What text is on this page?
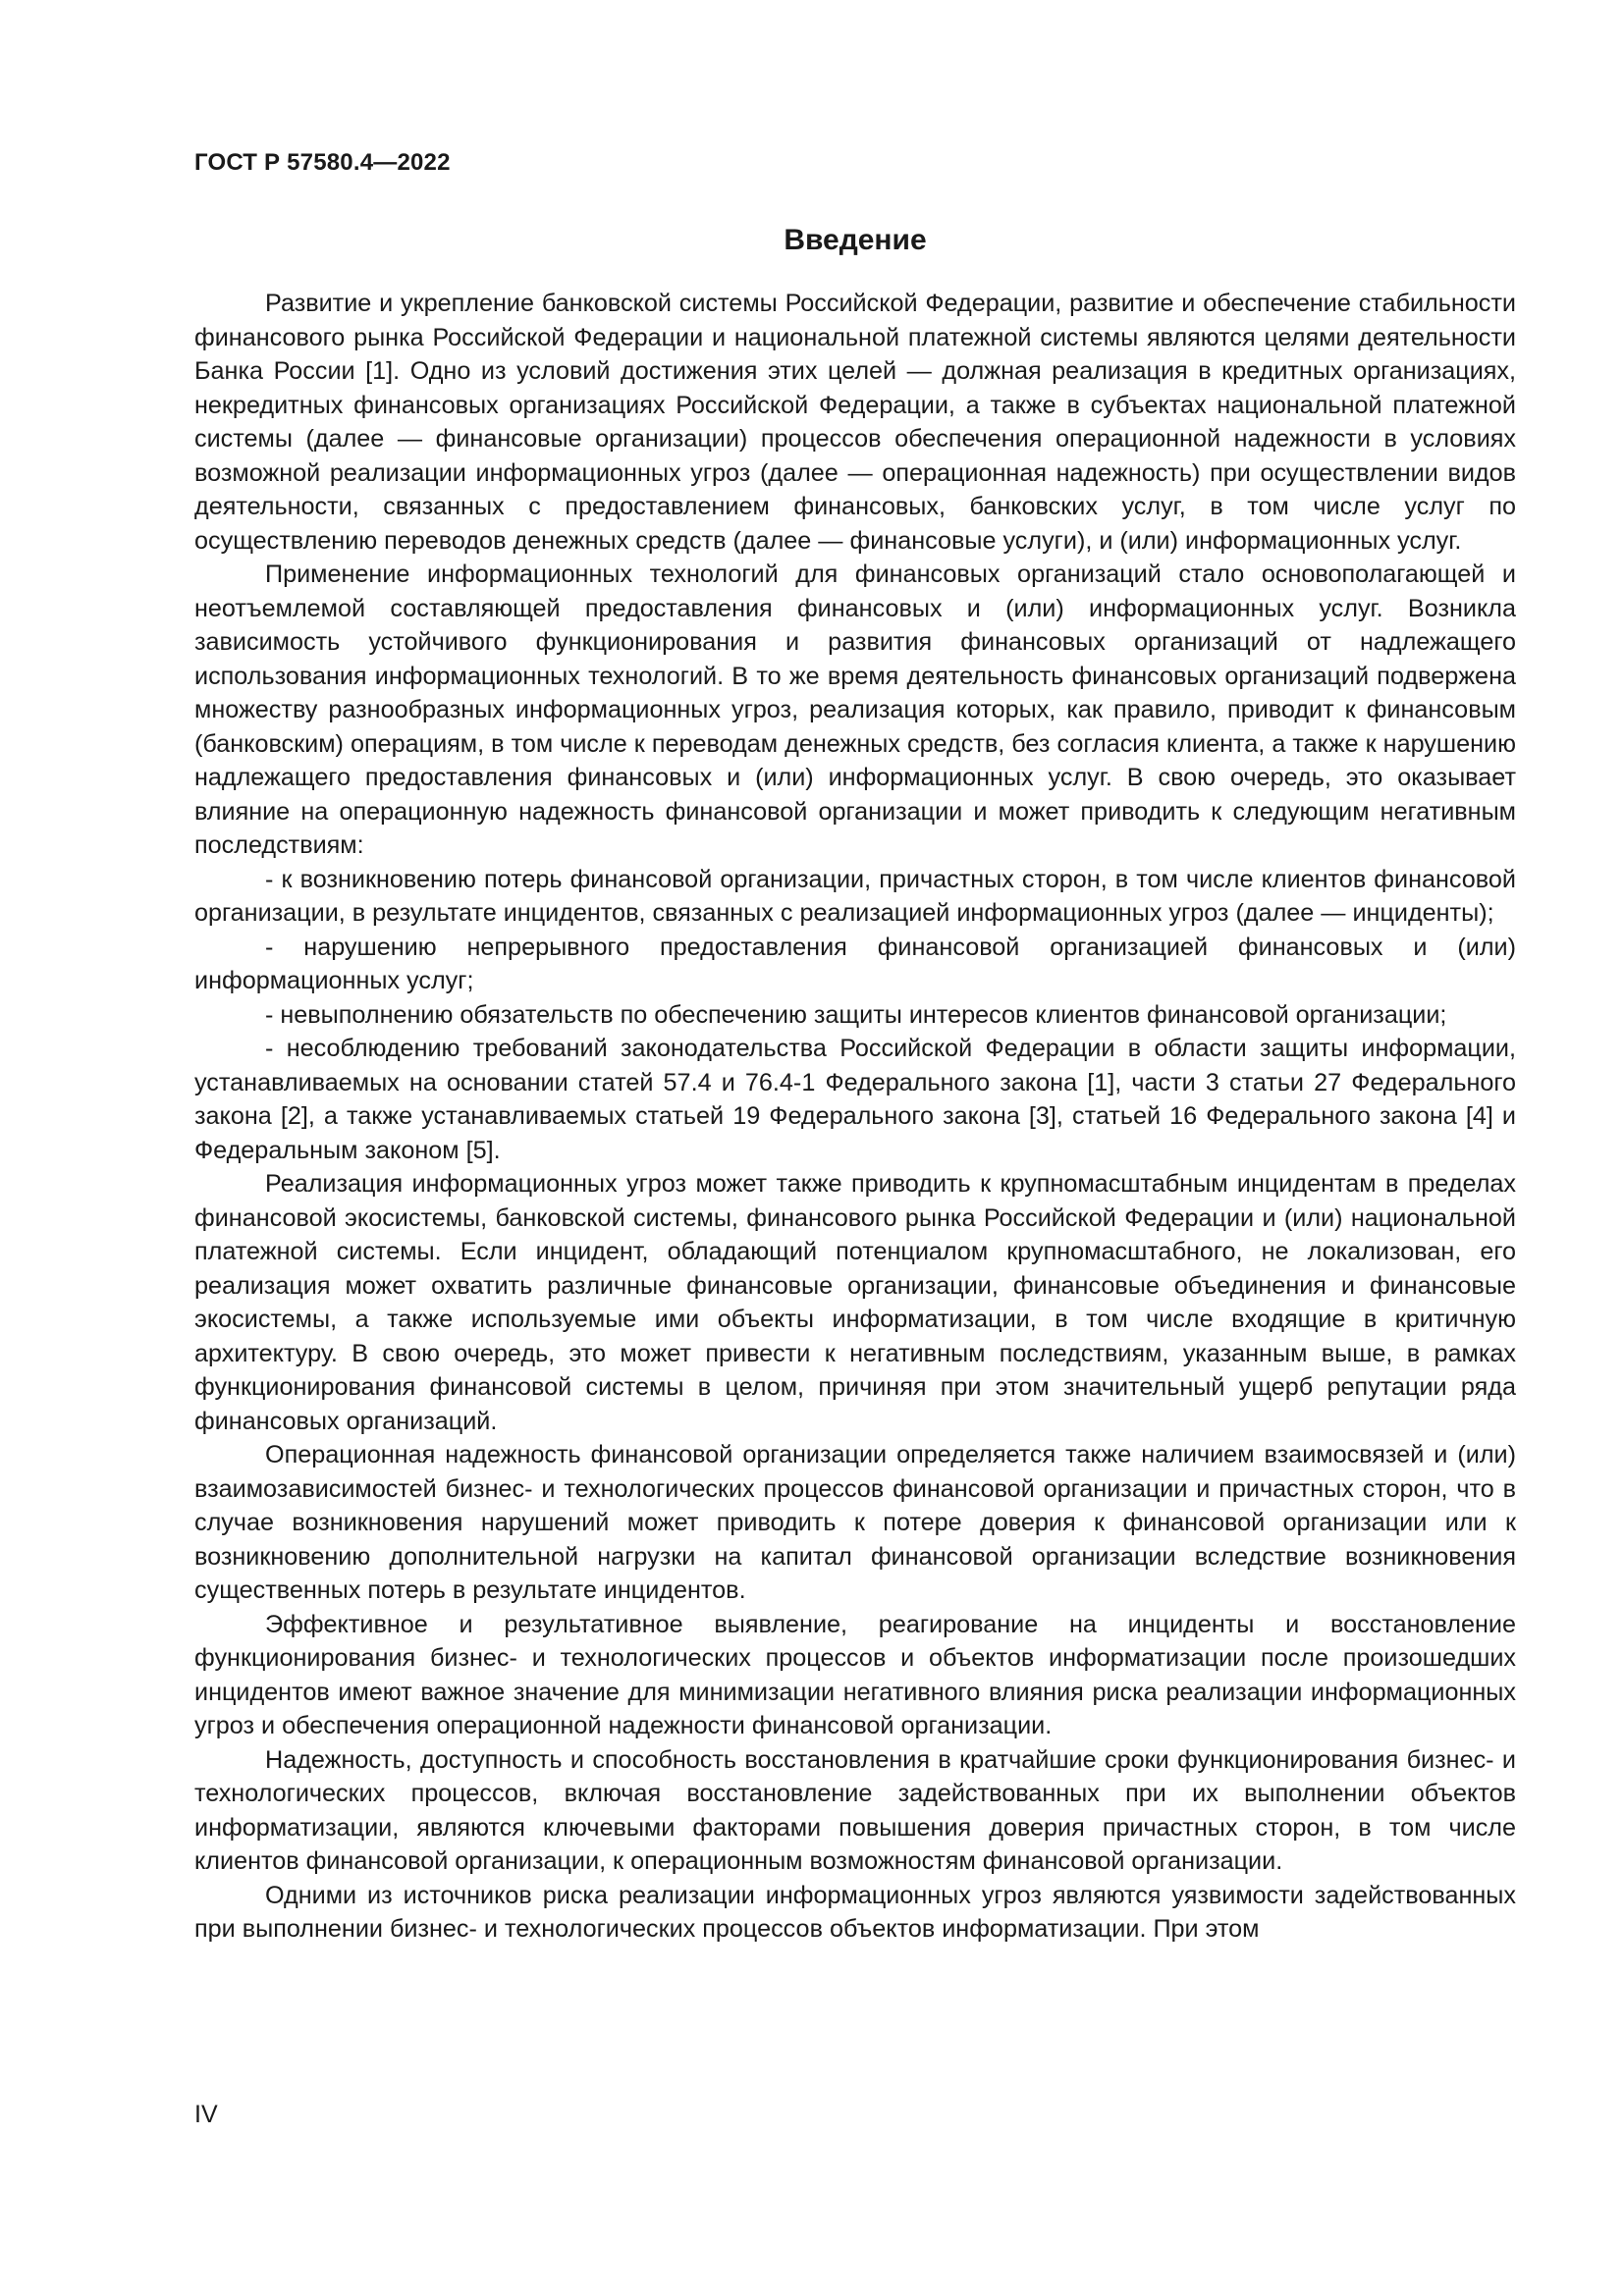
ГОСТ Р 57580.4—2022
Введение

Развитие и укрепление банковской системы Российской Федерации, развитие и обеспечение стабильности финансового рынка Российской Федерации и национальной платежной системы являются целями деятельности Банка России [1]. Одно из условий достижения этих целей — должная реализация в кредитных организациях, некредитных финансовых организациях Российской Федерации, а также в субъектах национальной платежной системы (далее — финансовые организации) процессов обеспечения операционной надежности в условиях возможной реализации информационных угроз (далее — операционная надежность) при осуществлении видов деятельности, связанных с предоставлением финансовых, банковских услуг, в том числе услуг по осуществлению переводов денежных средств (далее — финансовые услуги), и (или) информационных услуг.

Применение информационных технологий для финансовых организаций стало основополагающей и неотъемлемой составляющей предоставления финансовых и (или) информационных услуг. Возникла зависимость устойчивого функционирования и развития финансовых организаций от надлежащего использования информационных технологий. В то же время деятельность финансовых организаций подвержена множеству разнообразных информационных угроз, реализация которых, как правило, приводит к финансовым (банковским) операциям, в том числе к переводам денежных средств, без согласия клиента, а также к нарушению надлежащего предоставления финансовых и (или) информационных услуг. В свою очередь, это оказывает влияние на операционную надежность финансовой организации и может приводить к следующим негативным последствиям:

- к возникновению потерь финансовой организации, причастных сторон, в том числе клиентов финансовой организации, в результате инцидентов, связанных с реализацией информационных угроз (далее — инциденты);

- нарушению непрерывного предоставления финансовой организацией финансовых и (или) информационных услуг;

- невыполнению обязательств по обеспечению защиты интересов клиентов финансовой организации;

- несоблюдению требований законодательства Российской Федерации в области защиты информации, устанавливаемых на основании статей 57.4 и 76.4-1 Федерального закона [1], части 3 статьи 27 Федерального закона [2], а также устанавливаемых статьей 19 Федерального закона [3], статьей 16 Федерального закона [4] и Федеральным законом [5].

Реализация информационных угроз может также приводить к крупномасштабным инцидентам в пределах финансовой экосистемы, банковской системы, финансового рынка Российской Федерации и (или) национальной платежной системы. Если инцидент, обладающий потенциалом крупномасштабного, не локализован, его реализация может охватить различные финансовые организации, финансовые объединения и финансовые экосистемы, а также используемые ими объекты информатизации, в том числе входящие в критичную архитектуру. В свою очередь, это может привести к негативным последствиям, указанным выше, в рамках функционирования финансовой системы в целом, причиняя при этом значительный ущерб репутации ряда финансовых организаций.

Операционная надежность финансовой организации определяется также наличием взаимосвязей и (или) взаимозависимостей бизнес- и технологических процессов финансовой организации и причастных сторон, что в случае возникновения нарушений может приводить к потере доверия к финансовой организации или к возникновению дополнительной нагрузки на капитал финансовой организации вследствие возникновения существенных потерь в результате инцидентов.

Эффективное и результативное выявление, реагирование на инциденты и восстановление функционирования бизнес- и технологических процессов и объектов информатизации после произошедших инцидентов имеют важное значение для минимизации негативного влияния риска реализации информационных угроз и обеспечения операционной надежности финансовой организации.

Надежность, доступность и способность восстановления в кратчайшие сроки функционирования бизнес- и технологических процессов, включая восстановление задействованных при их выполнении объектов информатизации, являются ключевыми факторами повышения доверия причастных сторон, в том числе клиентов финансовой организации, к операционным возможностям финансовой организации.

Одними из источников риска реализации информационных угроз являются уязвимости задействованных при выполнении бизнес- и технологических процессов объектов информатизации. При этом

IV
